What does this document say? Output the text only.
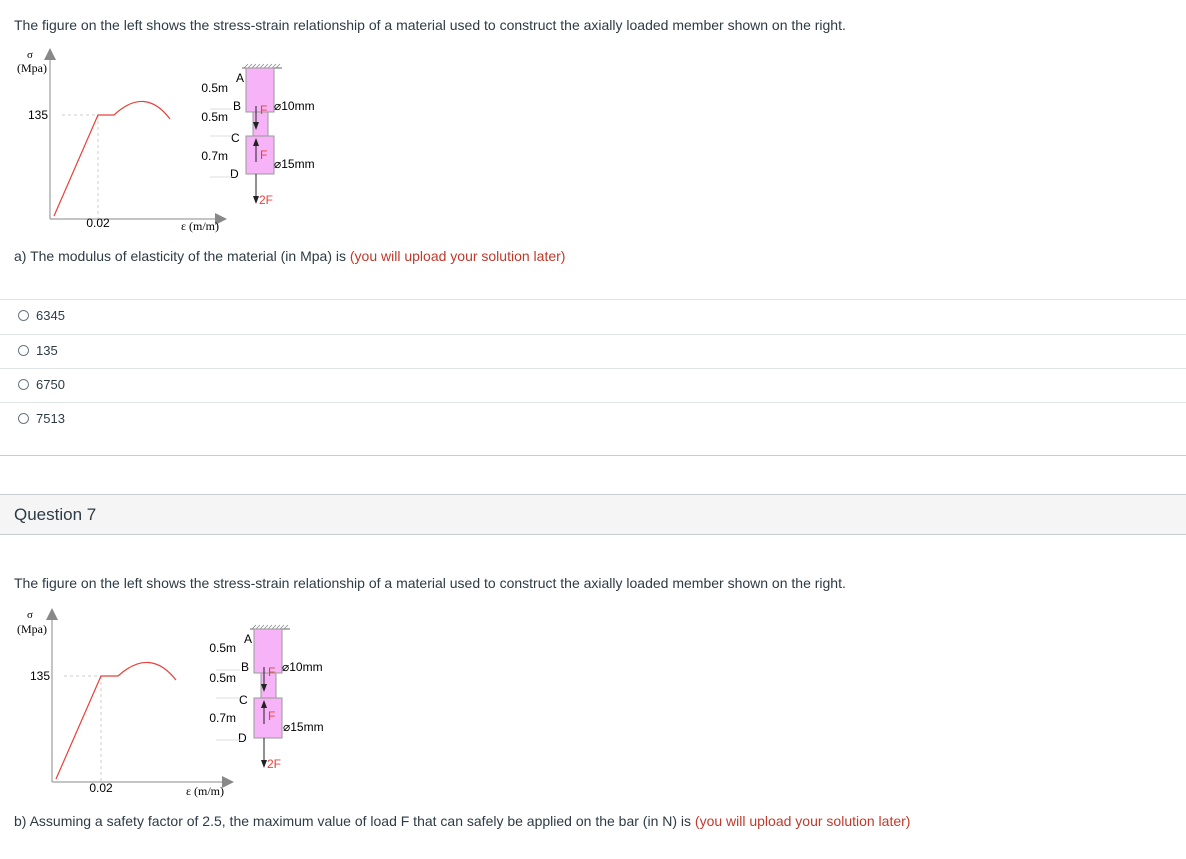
The figure on the left shows the stress-strain relationship of a material used to construct the axially loaded member shown on the right.
σ
(Mpa)
135
0.02	ε (m/m)
A
B
C
D
0.5m
0.5m
0.7m
F ⌀10mm
F
⌀15mm
2F
a) The modulus of elasticity of the material (in Mpa) is (you will upload your solution later)
6345
135
6750
7513
Question 7
The figure on the left shows the stress-strain relationship of a material used to construct the axially loaded member shown on the right.
σ
(Mpa)
135
0.02	ε (m/m)
A
B
C
D
0.5m
0.5m
0.7m
F ⌀10mm
F
⌀15mm
2F
b) Assuming a safety factor of 2.5, the maximum value of load F that can safely be applied on the bar (in N) is (you will upload your solution later)
